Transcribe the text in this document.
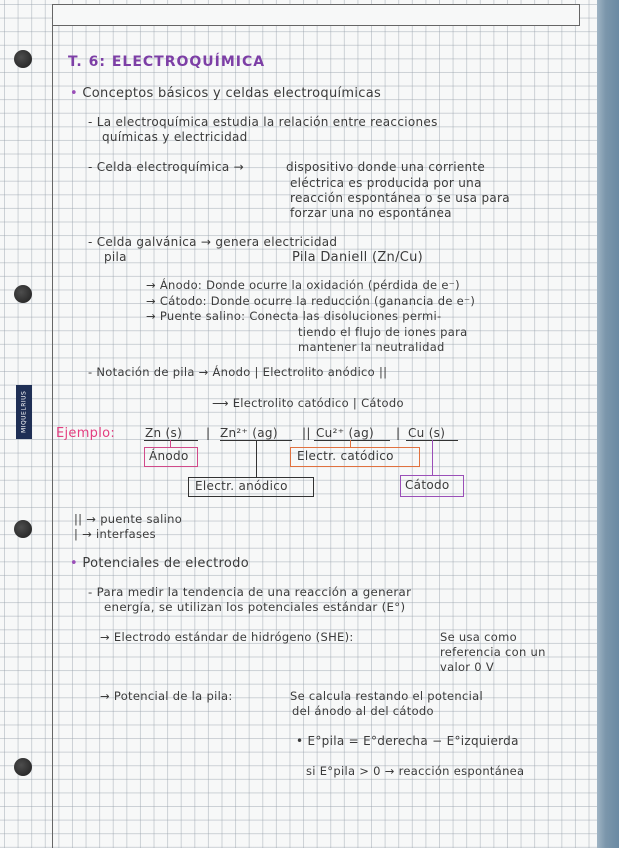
MIQUELRIUS
T. 6: ELECTROQUÍMICA
• Conceptos básicos y celdas electroquímicas
- La electroquímica estudia la relación entre reacciones
químicas y electricidad
- Celda electroquímica →	dispositivo donde una corriente
eléctrica es producida por una
reacción espontánea o se usa para
forzar una no espontánea
- Celda galvánica → genera electricidad
pila	Pila Daniell (Zn/Cu)
→ Ánodo: Donde ocurre la oxidación (pérdida de e⁻)
→ Cátodo: Donde ocurre la reducción (ganancia de e⁻)
→ Puente salino: Conecta las disoluciones permi-
tiendo el flujo de iones para
mantener la neutralidad
- Notación de pila → Ánodo | Electrolito anódico ||
⟶ Electrolito catódico | Cátodo
Ejemplo: Zn (s) | Zn²⁺ (ag) || Cu²⁺ (ag) | Cu (s)
Ánodo	Electr. catódico
Electr. anódico	Cátodo
|| → puente salino
| → interfases
• Potenciales de electrodo
- Para medir la tendencia de una reacción a generar
energía, se utilizan los potenciales estándar (E°)
→ Electrodo estándar de hidrógeno (SHE):	Se usa como
referencia con un
valor 0 V
→ Potencial de la pila:	Se calcula restando el potencial
del ánodo al del cátodo
• E°pila = E°derecha − E°izquierda
si E°pila > 0 → reacción espontánea
